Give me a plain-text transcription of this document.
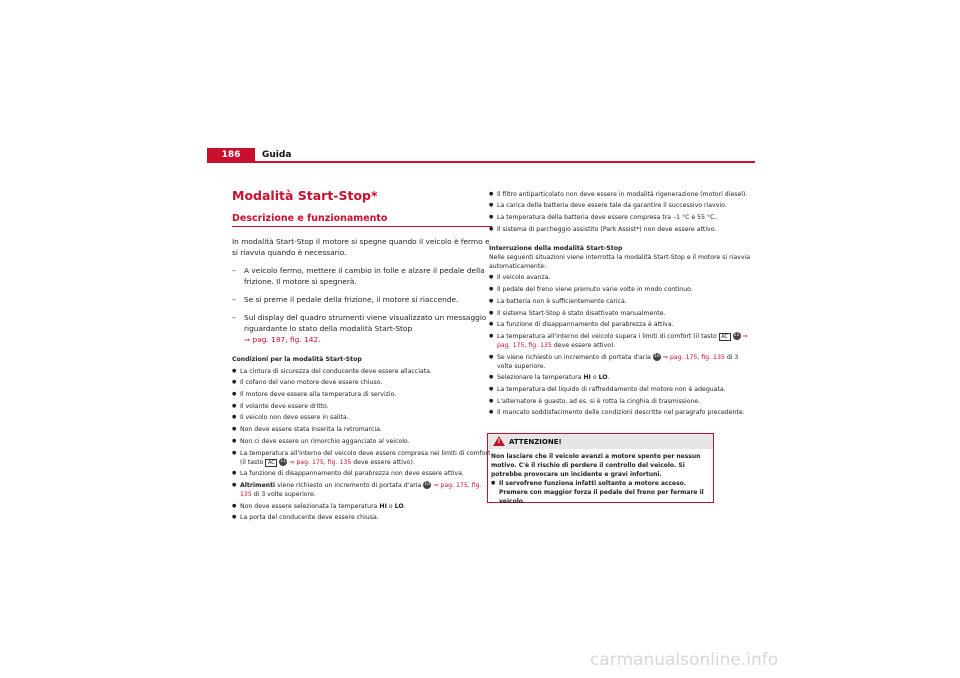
186	Guida
Modalità Start-Stop*
Descrizione e funzionamento

In modalità Start-Stop il motore si spegne quando il veicolo è fermo e si riavvia quando è necessario.

– A veicolo fermo, mettere il cambio in folle e alzare il pedale della frizione. Il motore si spegnerà.
– Se si preme il pedale della frizione, il motore si riaccende.
– Sul display del quadro strumenti viene visualizzato un messaggio riguardante lo stato della modalità Start-Stop
⇒ pag. 187, fig. 142.
Condizioni per la modalità Start-Stop
● La cintura di sicurezza del conducente deve essere allacciata.
● Il cofano del vano motore deve essere chiuso.
● Il motore deve essere alla temperatura di servizio.
● Il volante deve essere dritto.
● Il veicolo non deve essere in salita.
● Non deve essere stata inserita la retromarcia.
● Non ci deve essere un rimorchio agganciato al veicolo.
● La temperatura all'interno del veicolo deve essere compresa nei limiti di comfort (il tasto AC 11 ⇒ pag. 175, fig. 135 deve essere attivo).
● La funzione di disappannamento del parabrezza non deve essere attiva.
● Altrimenti viene richiesto un incremento di portata d'aria 10 ⇒ pag. 175, fig. 135 di 3 volte superiore.
● Non deve essere selezionata la temperatura HI o LO.
● La porta del conducente deve essere chiusa.
● Il filtro antiparticolato non deve essere in modalità rigenerazione (motori diesel).
● La carica della batteria deve essere tale da garantire il successivo riavvio.
● La temperatura della batteria deve essere compresa tra –1 °C e 55 °C.
● Il sistema di parcheggio assistito (Park Assist*) non deve essere attivo.
Interruzione della modalità Start-Stop
Nelle seguenti situazioni viene interrotta la modalità Start-Stop e il motore si riavvia automaticamente:
● Il veicolo avanza.
● Il pedale del freno viene premuto varie volte in modo continuo.
● La batteria non è sufficientemente carica.
● Il sistema Start-Stop è stato disattivato manualmente.
● La funzione di disappannamento del parabrezza è attiva.
● La temperatura all'interno del veicolo supera i limiti di comfort (il tasto AC 11 ⇒ pag. 175, fig. 135 deve essere attivo).
● Se viene richiesto un incremento di portata d'aria 10 ⇒ pag. 175, fig. 135 di 3 volte superiore.
● Selezionare la temperatura HI o LO.
● La temperatura del liquido di raffreddamento del motore non è adeguata.
● L'alternatore è guasto, ad es. si è rotta la cinghia di trasmissione.
● Il mancato soddisfacimento delle condizioni descritte nel paragrafo precedente.
! ATTENZIONE!
Non lasciare che il veicolo avanzi a motore spento per nessun motivo. C'è il rischio di perdere il controllo del veicolo. Si potrebbe provocare un incidente e gravi infortuni.
● Il servofreno funziona infatti soltanto a motore acceso. Premere con maggior forza il pedale del freno per fermare il veicolo.
carmanualsonline.info
